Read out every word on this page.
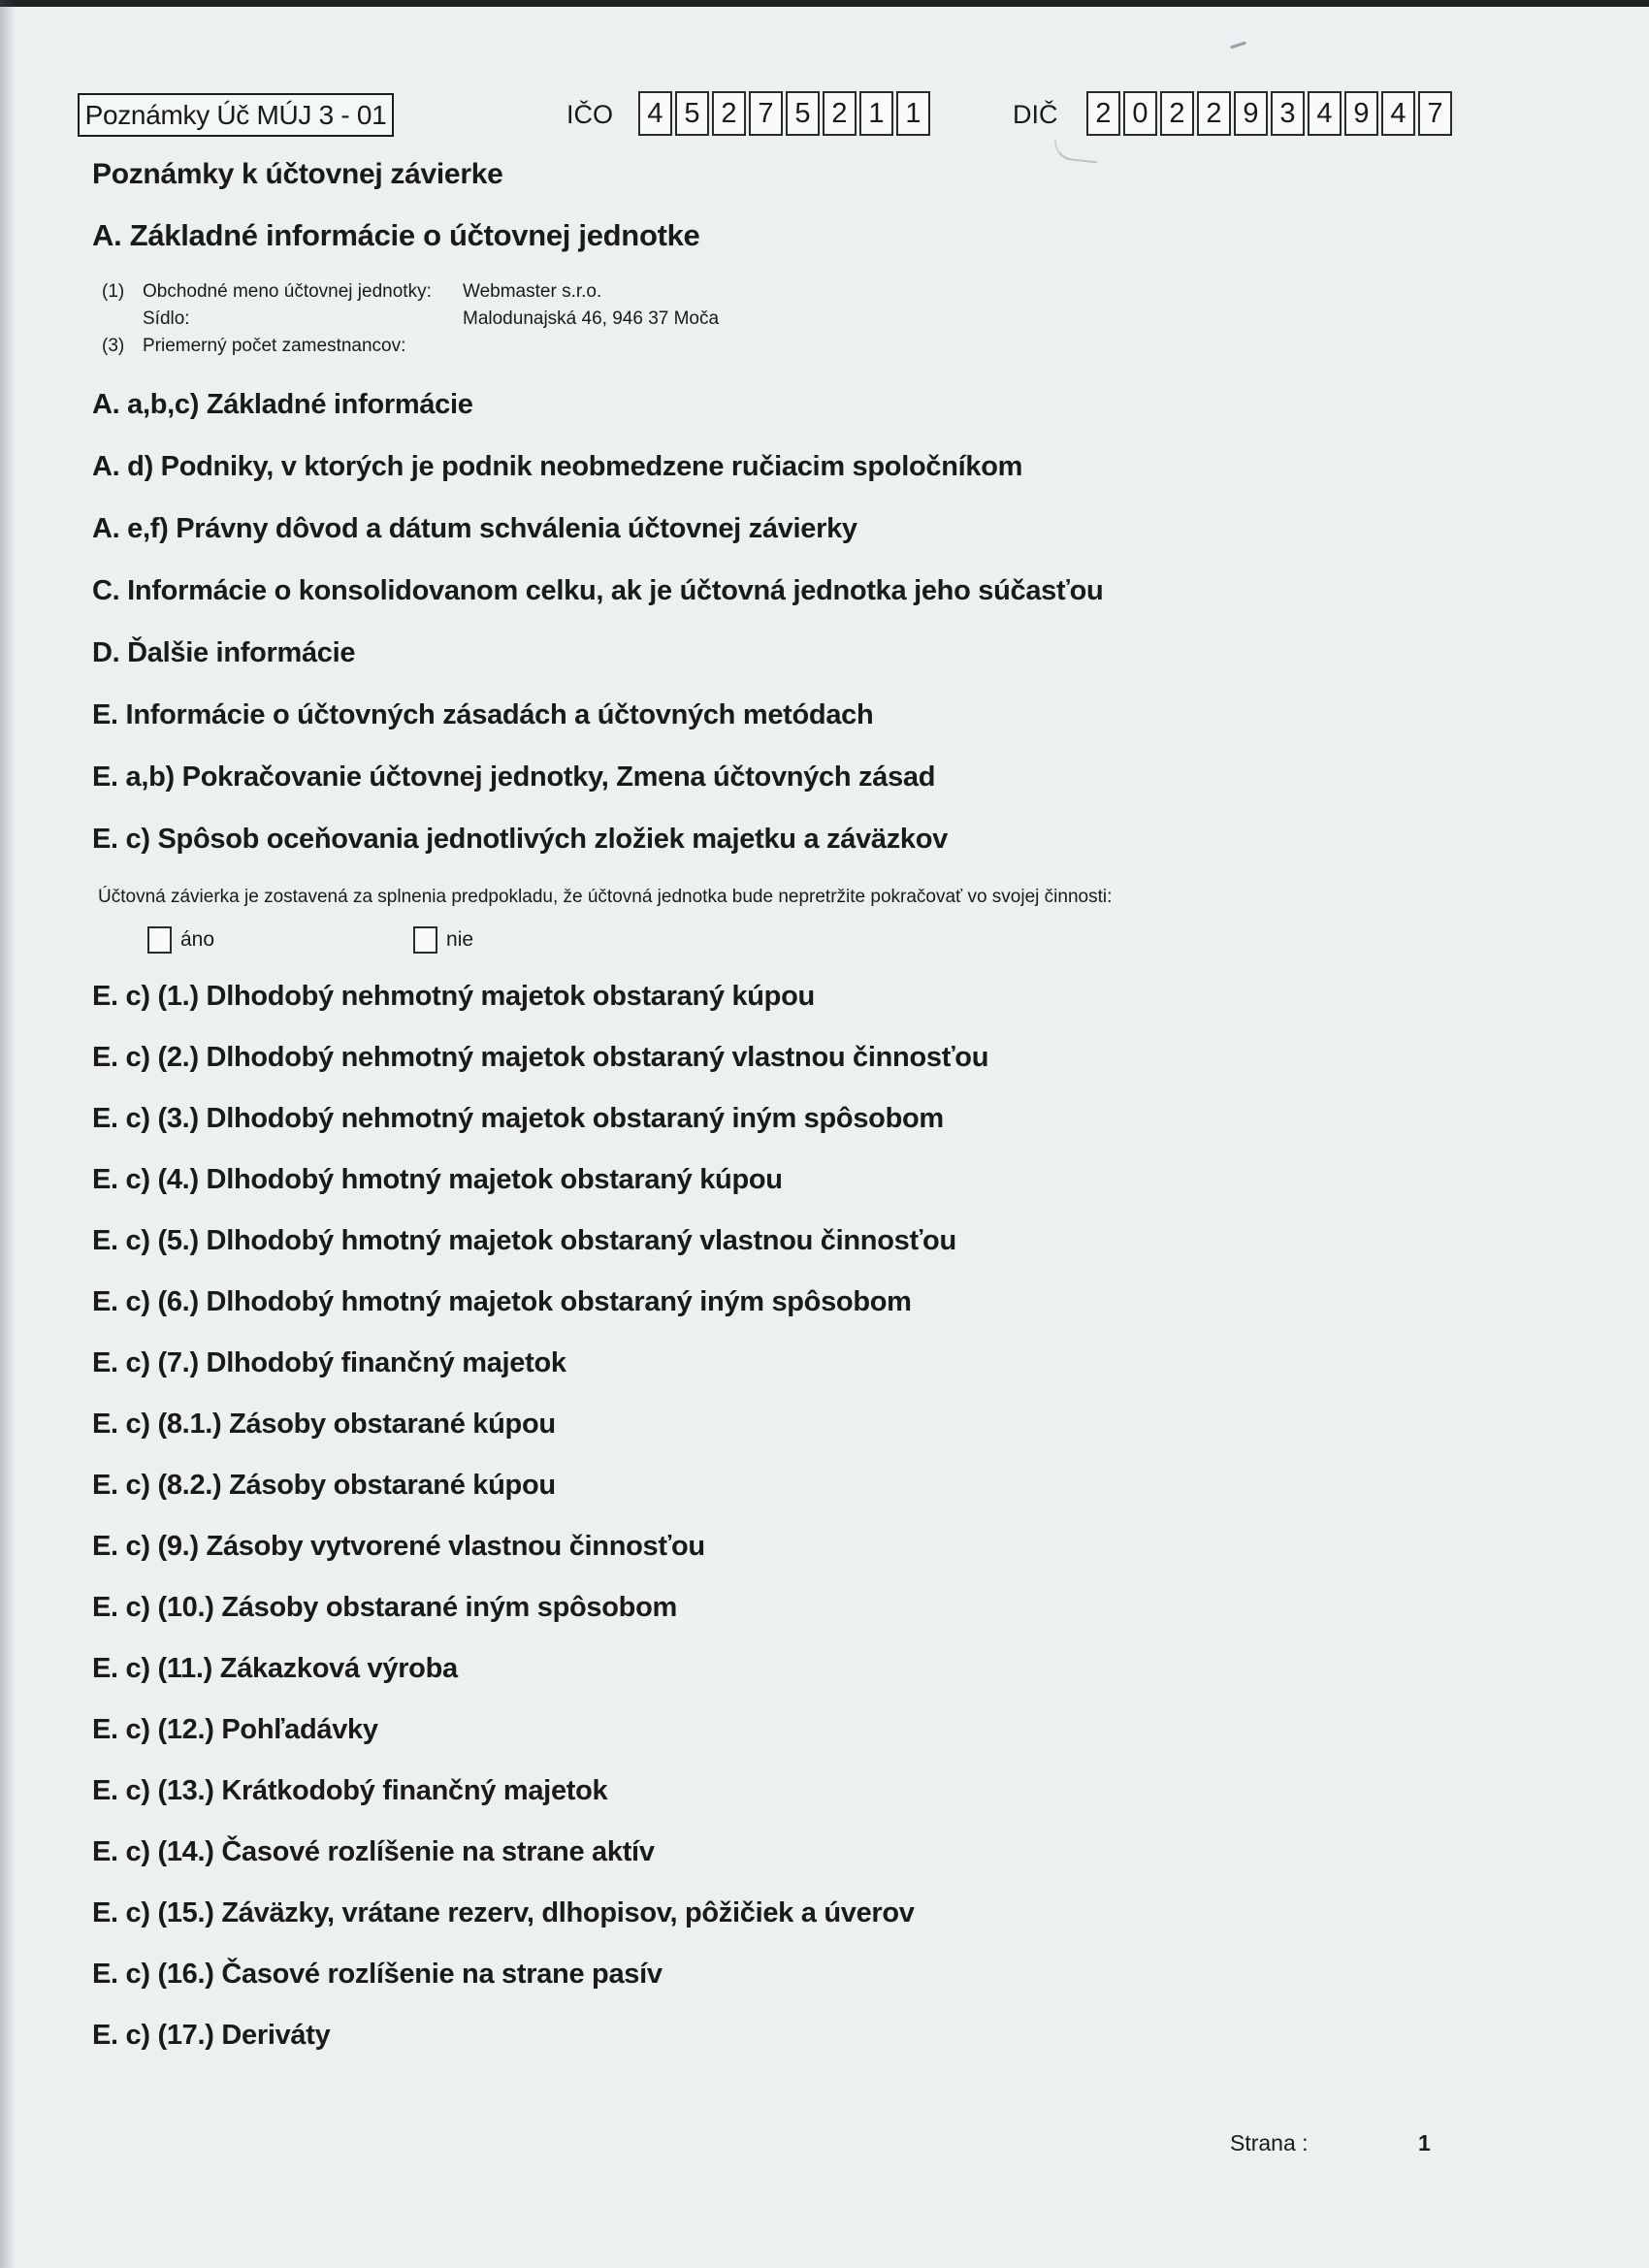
Poznámky Úč MÚJ 3 - 01	IČO	4 5 2 7 5 2 1 1	DIČ	2 0 2 2 9 3 4 9 4 7
Poznámky k účtovnej závierke
A. Základné informácie o účtovnej jednotke
(1) Obchodné meno účtovnej jednotky:	Webmaster s.r.o.
Sídlo:	Malodunajská 46, 946 37 Moča
(3) Priemerný počet zamestnancov:
A. a,b,c) Základné informácie
A. d) Podniky, v ktorých je podnik neobmedzene ručiacim spoločníkom
A. e,f) Právny dôvod a dátum schválenia účtovnej závierky
C. Informácie o konsolidovanom celku, ak je účtovná jednotka jeho súčasťou
D. Ďalšie informácie
E. Informácie o účtovných zásadách a účtovných metódach
E. a,b) Pokračovanie účtovnej jednotky, Zmena účtovných zásad
E. c) Spôsob oceňovania jednotlivých zložiek majetku a záväzkov

Účtovná závierka je zostavená za splnenia predpokladu, že účtovná jednotka bude nepretržite pokračovať vo svojej činnosti:

áno	nie
E. c) (1.) Dlhodobý nehmotný majetok obstaraný kúpou
E. c) (2.) Dlhodobý nehmotný majetok obstaraný vlastnou činnosťou
E. c) (3.) Dlhodobý nehmotný majetok obstaraný iným spôsobom
E. c) (4.) Dlhodobý hmotný majetok obstaraný kúpou
E. c) (5.) Dlhodobý hmotný majetok obstaraný vlastnou činnosťou
E. c) (6.) Dlhodobý hmotný majetok obstaraný iným spôsobom
E. c) (7.) Dlhodobý finančný majetok
E. c) (8.1.) Zásoby obstarané kúpou
E. c) (8.2.) Zásoby obstarané kúpou
E. c) (9.) Zásoby vytvorené vlastnou činnosťou
E. c) (10.) Zásoby obstarané iným spôsobom
E. c) (11.) Zákazková výroba
E. c) (12.) Pohľadávky
E. c) (13.) Krátkodobý finančný majetok
E. c) (14.) Časové rozlíšenie na strane aktív
E. c) (15.) Záväzky, vrátane rezerv, dlhopisov, pôžičiek a úverov
E. c) (16.) Časové rozlíšenie na strane pasív
E. c) (17.) Deriváty
Strana :	1
